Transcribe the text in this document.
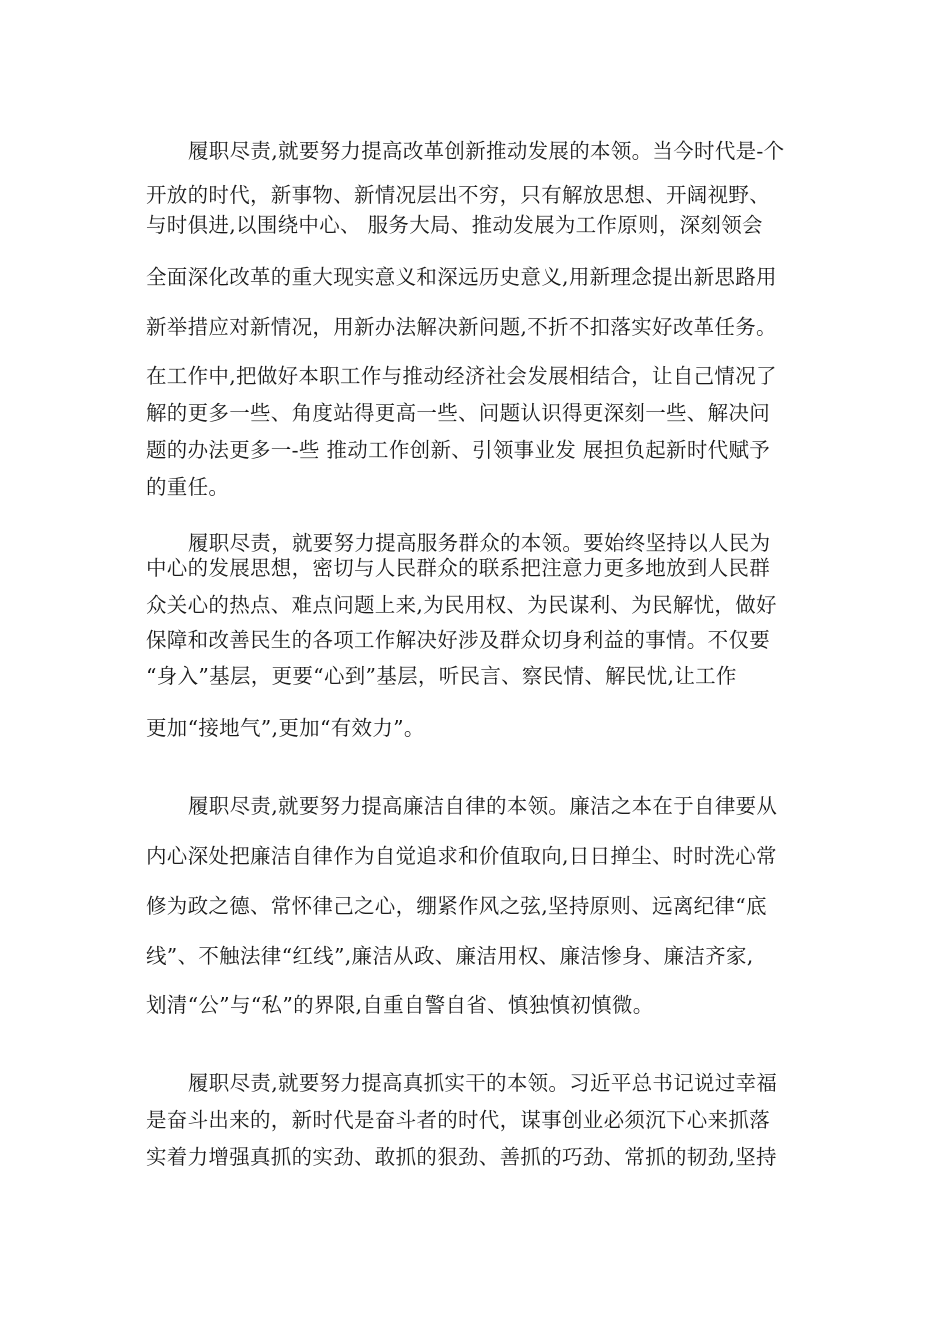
履职尽责,就要努力提高改革创新推动发展的本领。当今时代是-个
开放的时代，新事物、新情况层出不穷，只有解放思想、开阔视野、
与时俱进,以围绕中心、 服务大局、推动发展为工作原则，深刻领会
全面深化改革的重大现实意义和深远历史意义,用新理念提出新思路用
新举措应对新情况，用新办法解决新问题,不折不扣落实好改革任务。
在工作中,把做好本职工作与推动经济社会发展相结合，让自己情况了
解的更多一些、角度站得更高一些、问题认识得更深刻一些、解决问
题的办法更多一-些 推动工作创新、引领事业发 展担负起新时代赋予
的重任。
履职尽责，就要努力提高服务群众的本领。要始终坚持以人民为
中心的发展思想，密切与人民群众的联系把注意力更多地放到人民群
众关心的热点、难点问题上来,为民用权、为民谋利、为民解忧，做好
保障和改善民生的各项工作解决好涉及群众切身利益的事情。不仅要
“身入”基层，更要“心到”基层，听民言、察民情、解民忧,让工作
更加“接地气”,更加“有效力”。
履职尽责,就要努力提高廉洁自律的本领。廉洁之本在于自律要从
内心深处把廉洁自律作为自觉追求和价值取向,日日掸尘、时时洗心常
修为政之德、常怀律己之心，绷紧作风之弦,坚持原则、远离纪律“底
线”、不触法律“红线”,廉洁从政、廉洁用权、廉洁惨身、廉洁齐家,
划清“公”与“私”的界限,自重自警自省、慎独慎初慎微。
履职尽责,就要努力提高真抓实干的本领。习近平总书记说过幸福
是奋斗出来的，新时代是奋斗者的时代，谋事创业必须沉下心来抓落
实着力增强真抓的实劲、敢抓的狠劲、善抓的巧劲、常抓的韧劲,坚持
